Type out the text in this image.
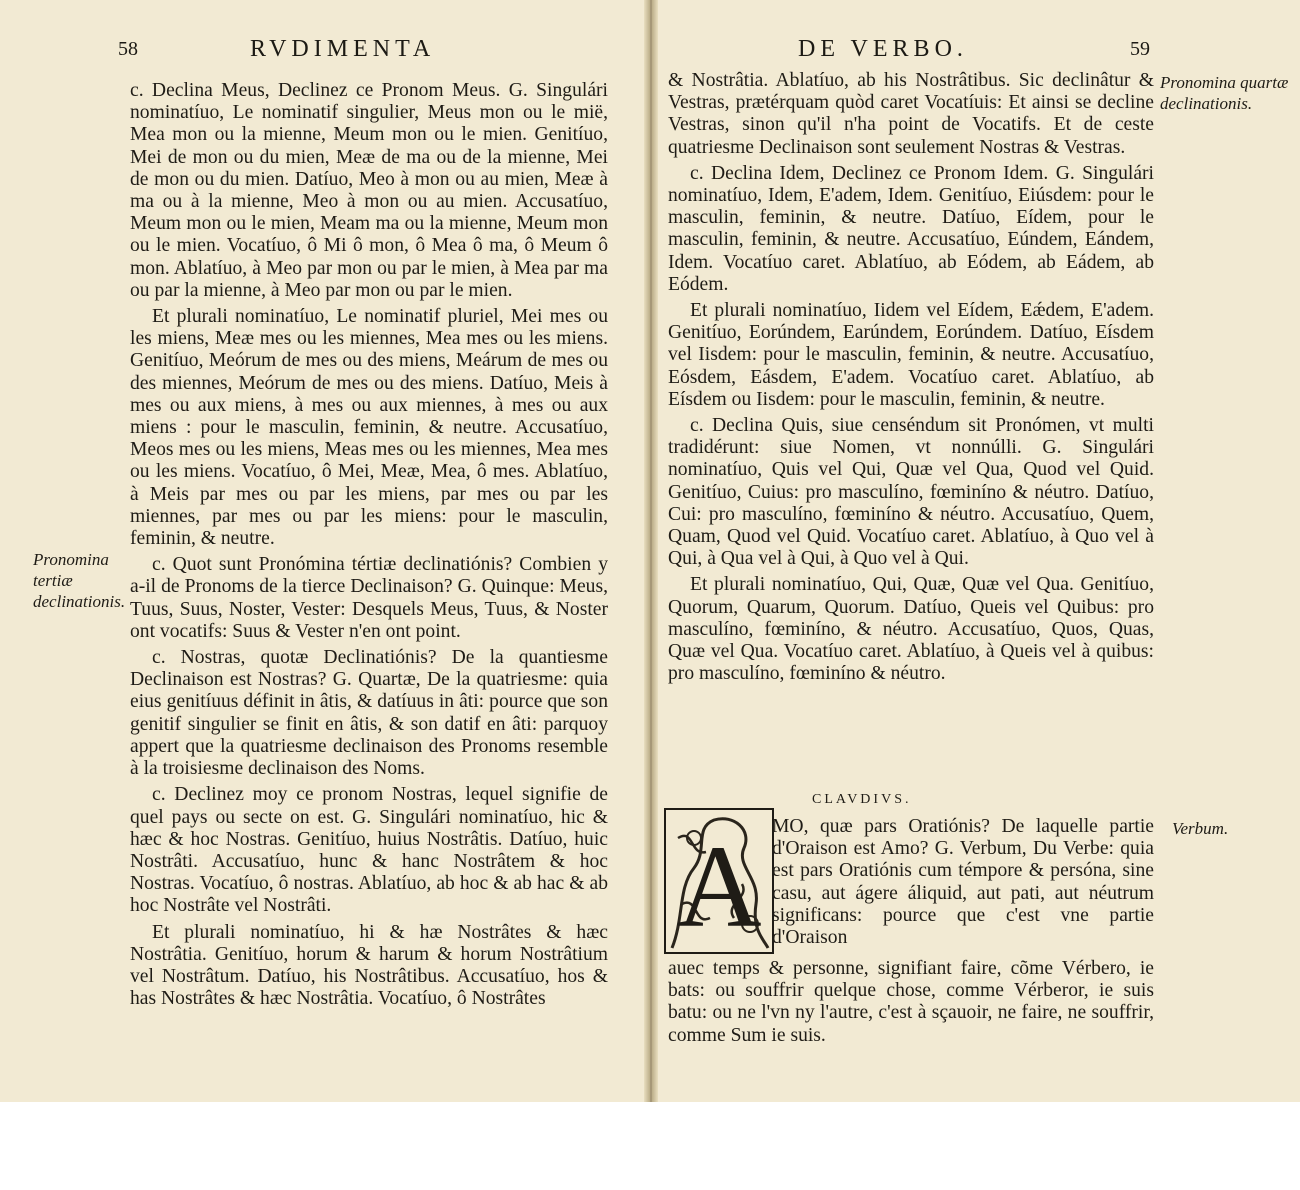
58	RVDIMENTA
Pronomina tertiæ declinationis.

c. Declina Meus, Declinez ce Pronom Meus. G. Singulári nominatíuo, Le nominatif singulier, Meus mon ou le mië, Mea mon ou la mienne, Meum mon ou le mien. Genitíuo, Mei de mon ou du mien, Meæ de ma ou de la mienne, Mei de mon ou du mien. Datíuo, Meo à mon ou au mien, Meæ à ma ou à la mienne, Meo à mon ou au mien. Accusatíuo, Meum mon ou le mien, Meam ma ou la mienne, Meum mon ou le mien. Vocatíuo, ô Mi ô mon, ô Mea ô ma, ô Meum ô mon. Ablatíuo, à Meo par mon ou par le mien, à Mea par ma ou par la mienne, à Meo par mon ou par le mien.

Et plurali nominatíuo, Le nominatif pluriel, Mei mes ou les miens, Meæ mes ou les miennes, Mea mes ou les miens. Genitíuo, Meórum de mes ou des miens, Meárum de mes ou des miennes, Meórum de mes ou des miens. Datíuo, Meis à mes ou aux miens, à mes ou aux miennes, à mes ou aux miens : pour le masculin, feminin, & neutre. Accusatíuo, Meos mes ou les miens, Meas mes ou les miennes, Mea mes ou les miens. Vocatíuo, ô Mei, Meæ, Mea, ô mes. Ablatíuo, à Meis par mes ou par les miens, par mes ou par les miennes, par mes ou par les miens: pour le masculin, feminin, & neutre.

c. Quot sunt Pronómina tértiæ declinatiónis? Combien y a-il de Pronoms de la tierce Declinaison? G. Quinque: Meus, Tuus, Suus, Noster, Vester: Desquels Meus, Tuus, & Noster ont vocatifs: Suus & Vester n'en ont point.

c. Nostras, quotæ Declinatiónis? De la quantiesme Declinaison est Nostras? G. Quartæ, De la quatriesme: quia eius genitíuus définit in âtis, & datíuus in âti: pource que son genitif singulier se finit en âtis, & son datif en âti: parquoy appert que la quatriesme declinaison des Pronoms resemble à la troisiesme declinaison des Noms.

c. Declinez moy ce pronom Nostras, lequel signifie de quel pays ou secte on est. G. Singulári nominatíuo, hic & hæc & hoc Nostras. Genitíuo, huius Nostrâtis. Datíuo, huic Nostrâti. Accusatíuo, hunc & hanc Nostrâtem & hoc Nostras. Vocatíuo, ô nostras. Ablatíuo, ab hoc & ab hac & ab hoc Nostrâte vel Nostrâti.

Et plurali nominatíuo, hi & hæ Nostrâtes & hæc Nostrâtia. Genitíuo, horum & harum & horum Nostrâtium vel Nostrâtum. Datíuo, his Nostrâtibus. Accusatíuo, hos & has Nostrâtes & hæc Nostrâtia. Vocatíuo, ô Nostrâtes

DE VERBO.	59
Pronomina quartæ declinationis.
Verbum.

& Nostrâtia. Ablatíuo, ab his Nostrâtibus. Sic declinâtur & Vestras, prætérquam quòd caret Vocatíuis: Et ainsi se decline Vestras, sinon qu'il n'ha point de Vocatifs. Et de ceste quatriesme Declinaison sont seulement Nostras & Vestras.

c. Declina Idem, Declinez ce Pronom Idem. G. Singulári nominatíuo, Idem, E'adem, Idem. Genitíuo, Eiúsdem: pour le masculin, feminin, & neutre. Datíuo, Eídem, pour le masculin, feminin, & neutre. Accusatíuo, Eúndem, Eándem, Idem. Vocatíuo caret. Ablatíuo, ab Eódem, ab Eádem, ab Eódem.

Et plurali nominatíuo, Iidem vel Eídem, Eǽdem, E'adem. Genitíuo, Eorúndem, Earúndem, Eorúndem. Datíuo, Eísdem vel Iisdem: pour le masculin, feminin, & neutre. Accusatíuo, Eósdem, Eásdem, E'adem. Vocatíuo caret. Ablatíuo, ab Eísdem ou Iisdem: pour le masculin, feminin, & neutre.

c. Declina Quis, siue censéndum sit Pronómen, vt multi tradidérunt: siue Nomen, vt nonnúlli. G. Singulári nominatíuo, Quis vel Qui, Quæ vel Qua, Quod vel Quid. Genitíuo, Cuius: pro masculíno, fœminíno & néutro. Datíuo, Cui: pro masculíno, fœminíno & néutro. Accusatíuo, Quem, Quam, Quod vel Quid. Vocatíuo caret. Ablatíuo, à Quo vel à Qui, à Qua vel à Qui, à Quo vel à Qui.

Et plurali nominatíuo, Qui, Quæ, Quæ vel Qua. Genitíuo, Quorum, Quarum, Quorum. Datíuo, Queis vel Quibus: pro masculíno, fœminíno, & néutro. Accusatíuo, Quos, Quas, Quæ vel Qua. Vocatíuo caret. Ablatíuo, à Queis vel à quibus: pro masculíno, fœminíno & néutro.

CLAVDIVS.
A MO, quæ pars Oratiónis? De laquelle partie d'Oraison est Amo? G. Verbum, Du Verbe: quia est pars Oratiónis cum témpore & persóna, sine casu, aut ágere áliquid, aut pati, aut néutrum significans: pource que c'est vne partie d'Oraison
auec temps & personne, signifiant faire, cõme Vérbero, ie bats: ou souffrir quelque chose, comme Vérberor, ie suis batu: ou ne l'vn ny l'autre, c'est à sçauoir, ne faire, ne souffrir, comme Sum ie suis.
